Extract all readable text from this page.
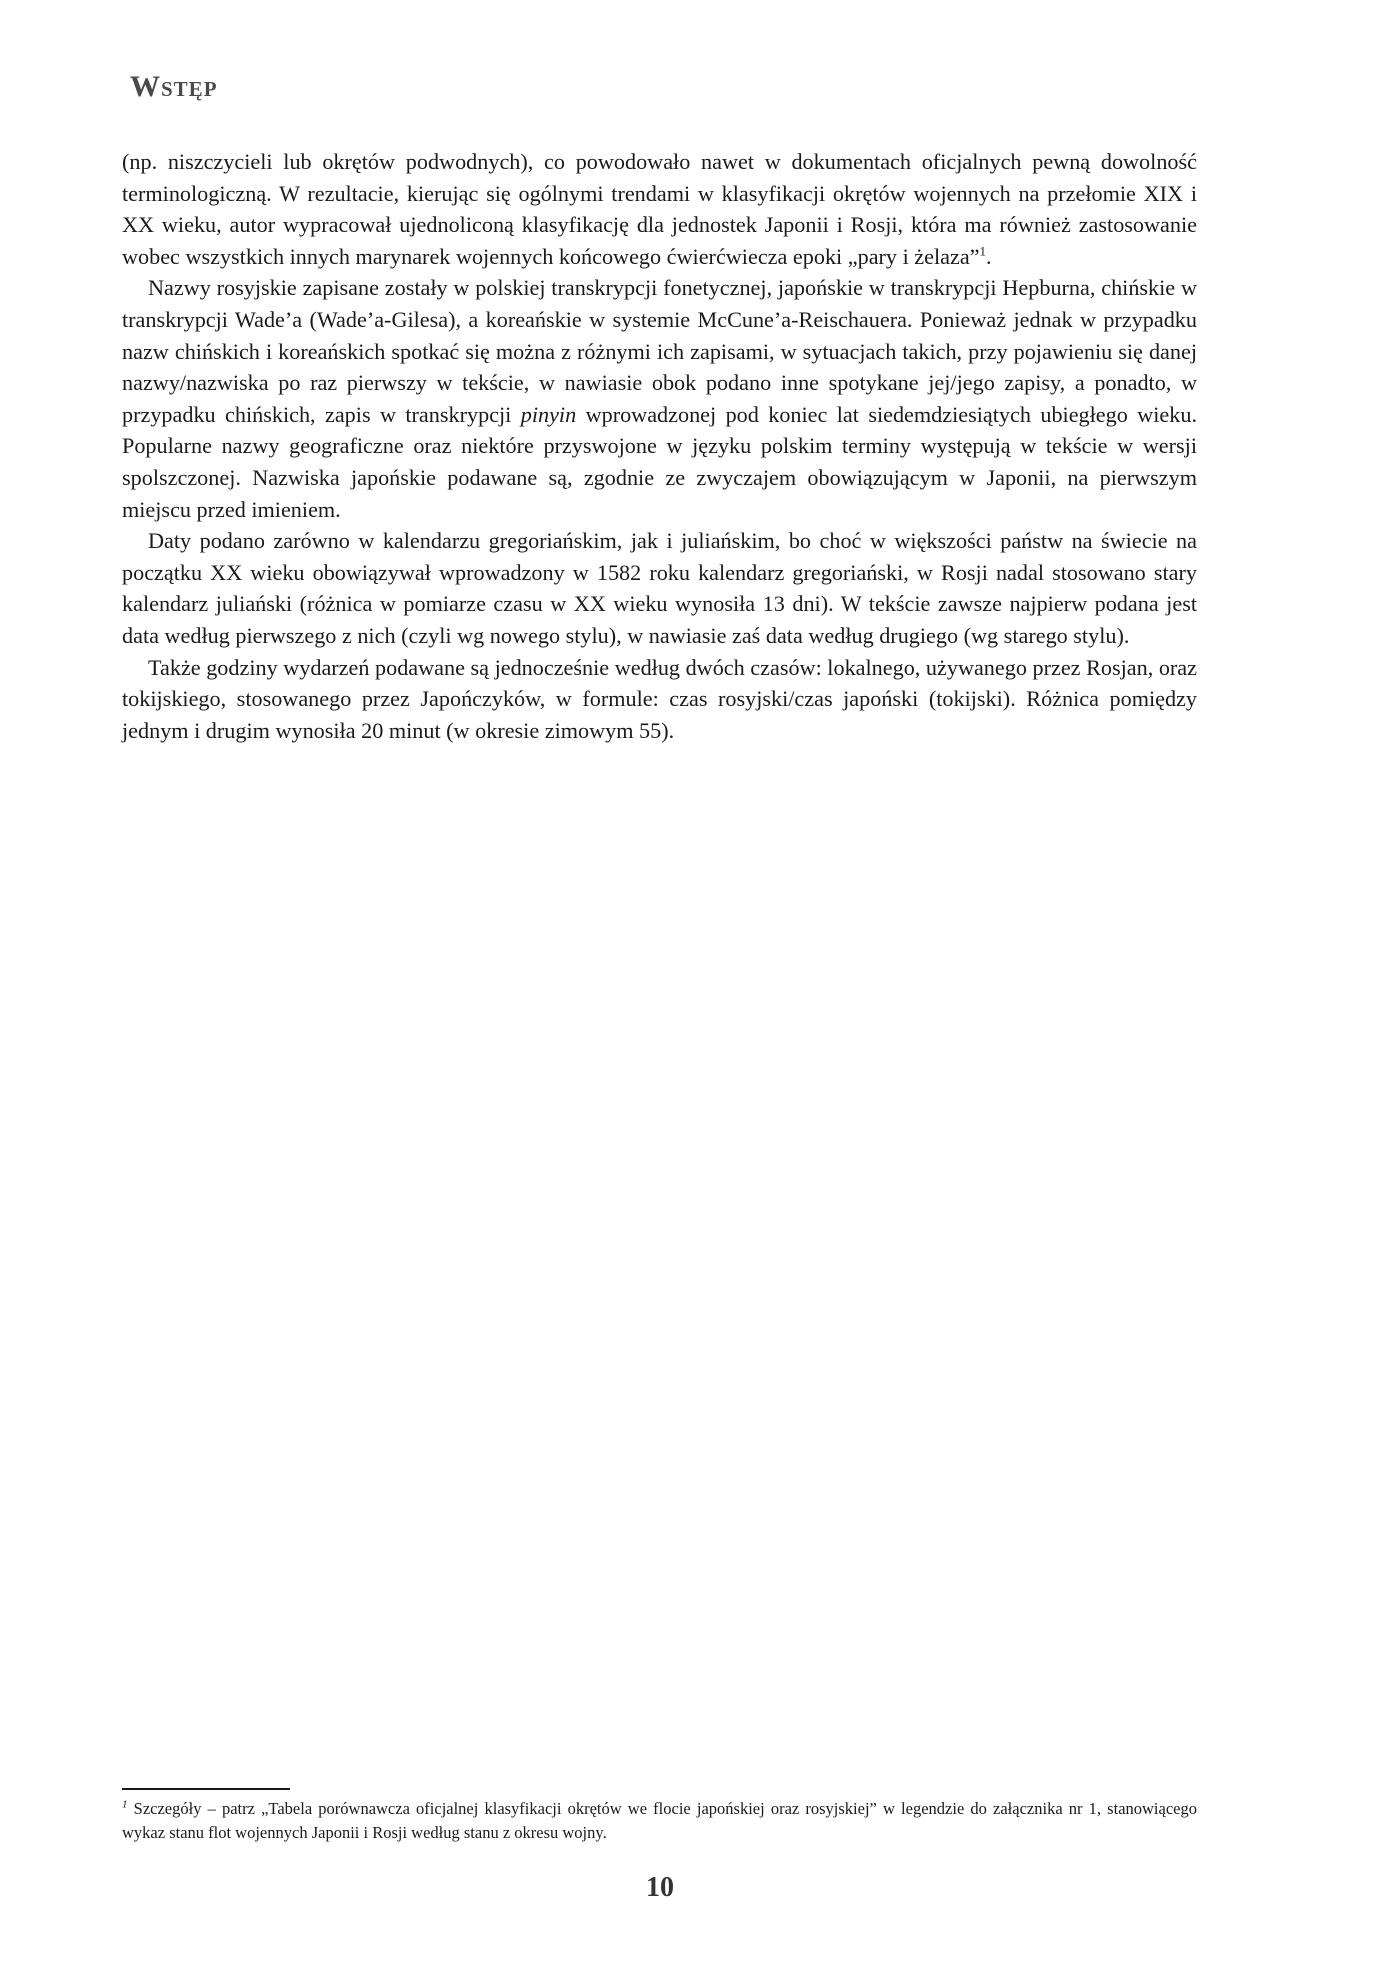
Wstęp

(np. niszczycieli lub okrętów podwodnych), co powodowało nawet w dokumentach oficjalnych pewną dowolność terminologiczną. W rezultacie, kierując się ogólnymi trendami w klasyfikacji okrętów wojennych na przełomie XIX i XX wieku, autor wypracował ujednoliconą klasyfikację dla jednostek Japonii i Rosji, która ma również zastosowanie wobec wszystkich innych marynarek wojennych końcowego ćwierćwiecza epoki „pary i żelaza”$^1$.

Nazwy rosyjskie zapisane zostały w polskiej transkrypcji fonetycznej, japońskie w transkrypcji Hepburna, chińskie w transkrypcji Wade’a (Wade’a-Gilesa), a koreańskie w systemie McCune’a-Reischauera. Ponieważ jednak w przypadku nazw chińskich i koreańskich spotkać się można z różnymi ich zapisami, w sytuacjach takich, przy pojawieniu się danej nazwy/nazwiska po raz pierwszy w tekście, w nawiasie obok podano inne spotykane jej/jego zapisy, a ponadto, w przypadku chińskich, zapis w transkrypcji pinyin wprowadzonej pod koniec lat siedemdziesiątych ubiegłego wieku. Popularne nazwy geograficzne oraz niektóre przyswojone w języku polskim terminy występują w tekście w wersji spolszczonej. Nazwiska japońskie podawane są, zgodnie ze zwyczajem obowiązującym w Japonii, na pierwszym miejscu przed imieniem.

Daty podano zarówno w kalendarzu gregoriańskim, jak i juliańskim, bo choć w większości państw na świecie na początku XX wieku obowiązywał wprowadzony w 1582 roku kalendarz gregoriański, w Rosji nadal stosowano stary kalendarz juliański (różnica w pomiarze czasu w XX wieku wynosiła 13 dni). W tekście zawsze najpierw podana jest data według pierwszego z nich (czyli wg nowego stylu), w nawiasie zaś data według drugiego (wg starego stylu).

Także godziny wydarzeń podawane są jednocześnie według dwóch czasów: lokalnego, używanego przez Rosjan, oraz tokijskiego, stosowanego przez Japończyków, w formule: czas rosyjski/czas japoński (tokijski). Różnica pomiędzy jednym i drugim wynosiła 20 minut (w okresie zimowym 55).

$^1$ Szczegóły – patrz „Tabela porównawcza oficjalnej klasyfikacji okrętów we flocie japońskiej oraz rosyjskiej” w legendzie do załącznika nr 1, stanowiącego wykaz stanu flot wojennych Japonii i Rosji według stanu z okresu wojny.
10
